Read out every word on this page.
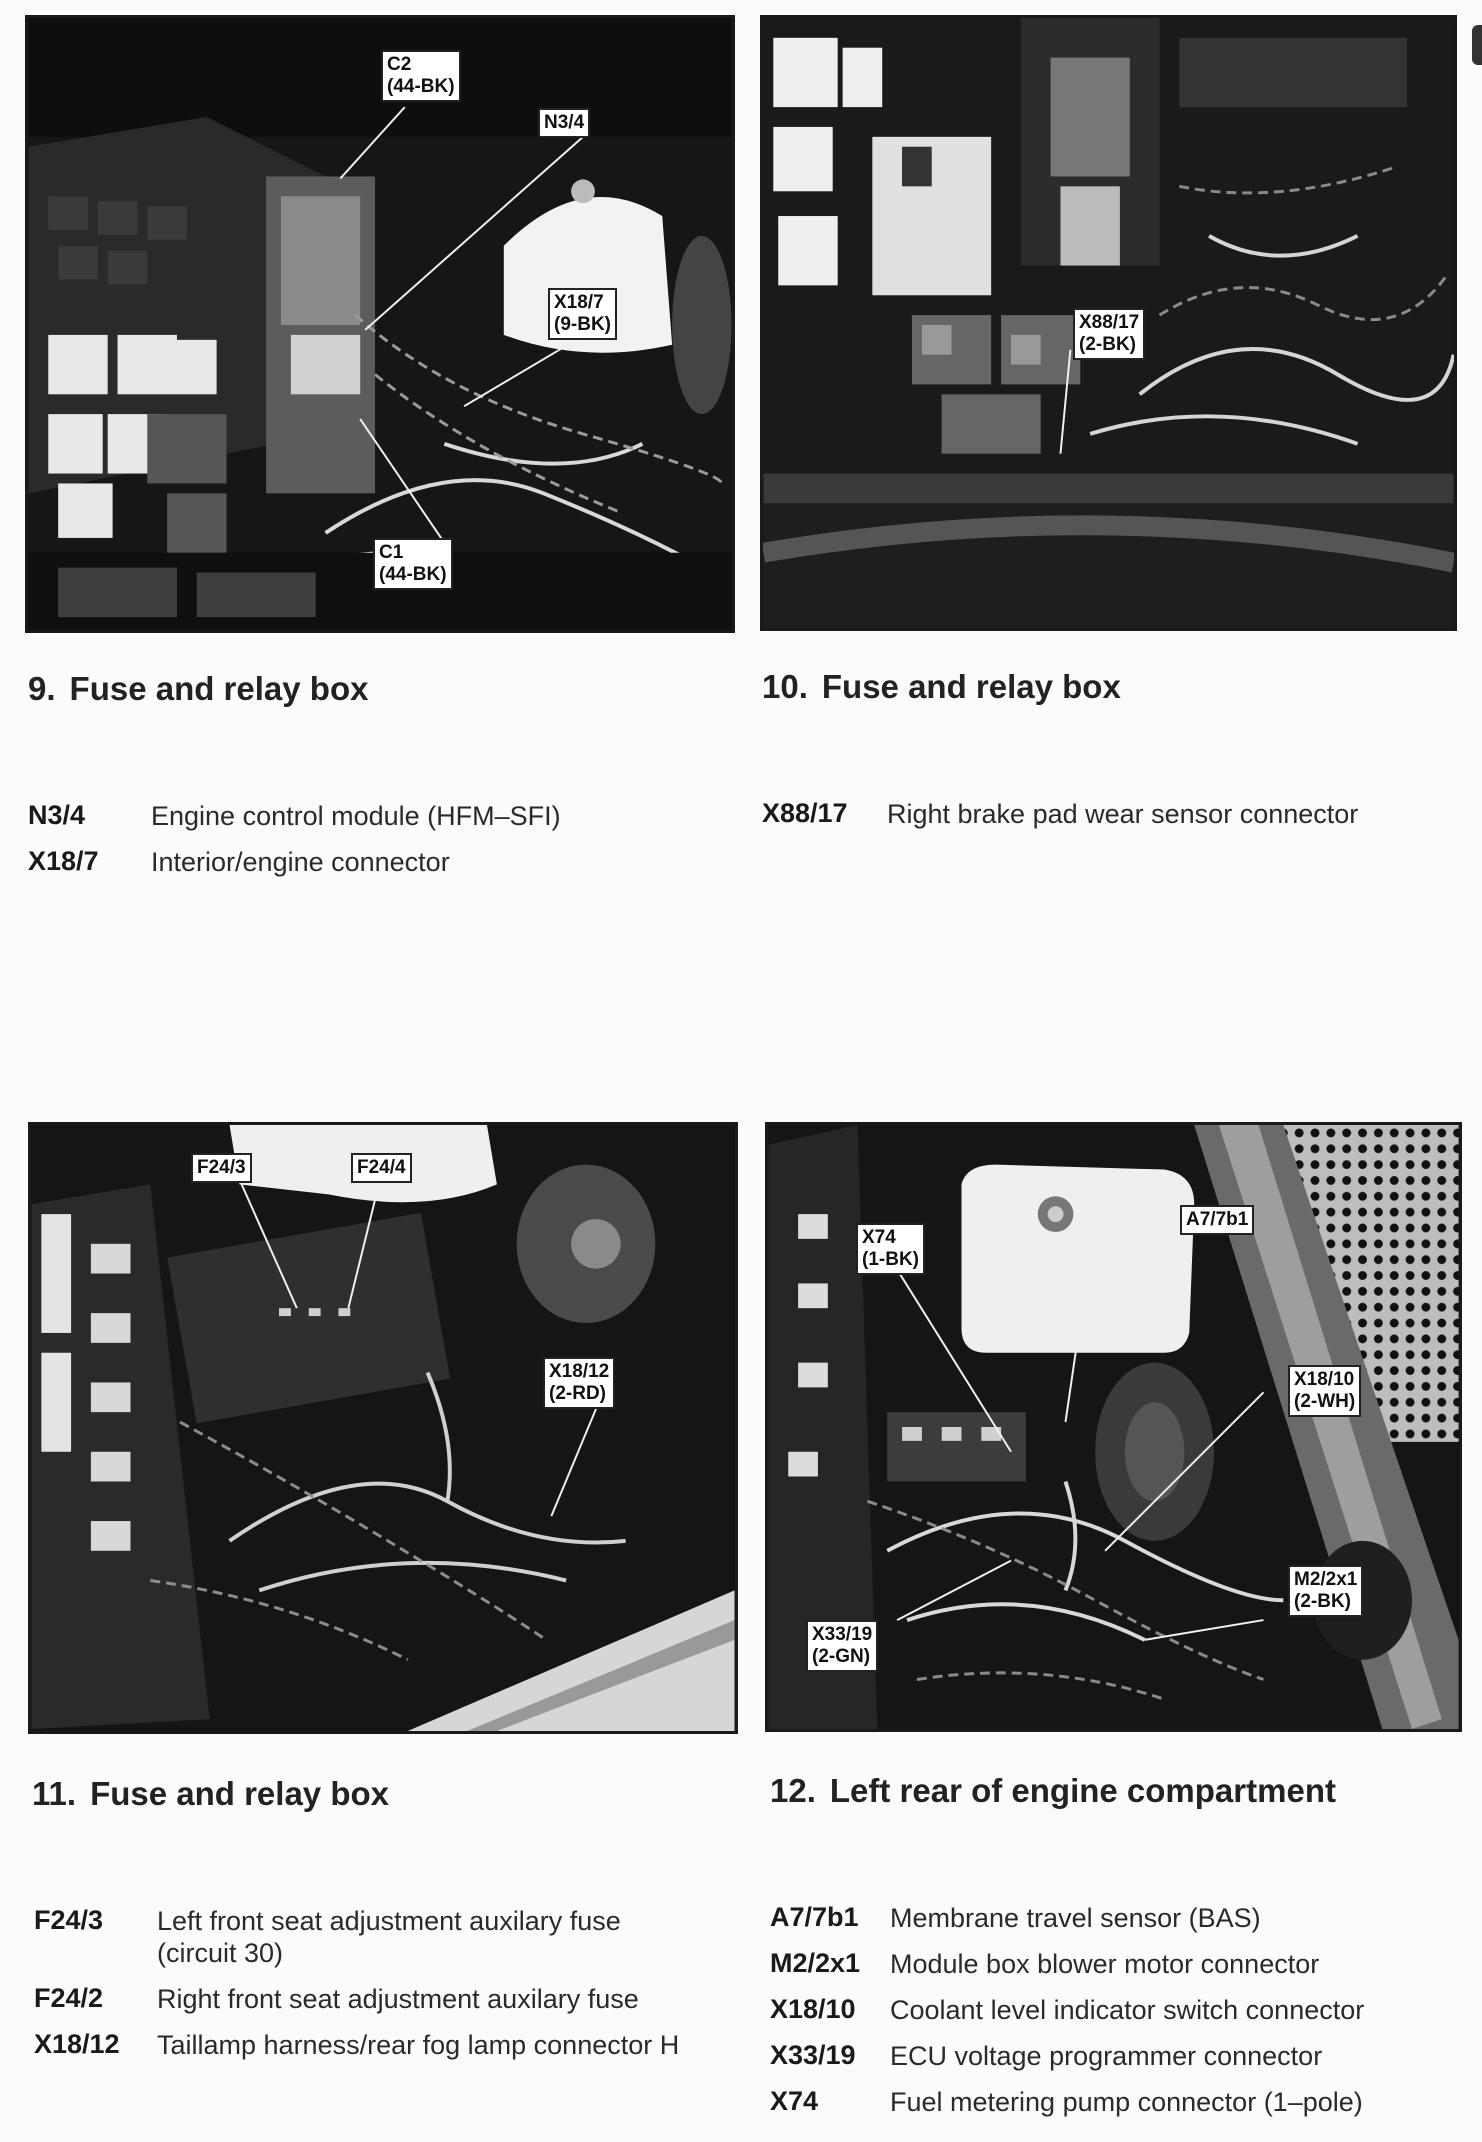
C2
(44-BK)
N3/4
X18/7
(9-BK)
C1
(44-BK)
9. Fuse and relay box
N3/4 Engine control module (HFM–SFI)
X18/7 Interior/engine connector
X88/17
(2-BK)
10. Fuse and relay box
X88/17 Right brake pad wear sensor connector
F24/3	F24/4
X18/12
(2-RD)
11. Fuse and relay box
F24/3 Left front seat adjustment auxilary fuse (circuit 30)
F24/2 Right front seat adjustment auxilary fuse
X18/12 Taillamp harness/rear fog lamp connector H
X74
(1-BK)
A7/7b1
X18/10
(2-WH)
M2/2x1
(2-BK)
X33/19
(2-GN)
12. Left rear of engine compartment
A7/7b1 Membrane travel sensor (BAS)
M2/2x1 Module box blower motor connector
X18/10 Coolant level indicator switch connector
X33/19 ECU voltage programmer connector
X74	Fuel metering pump connector (1–pole)
